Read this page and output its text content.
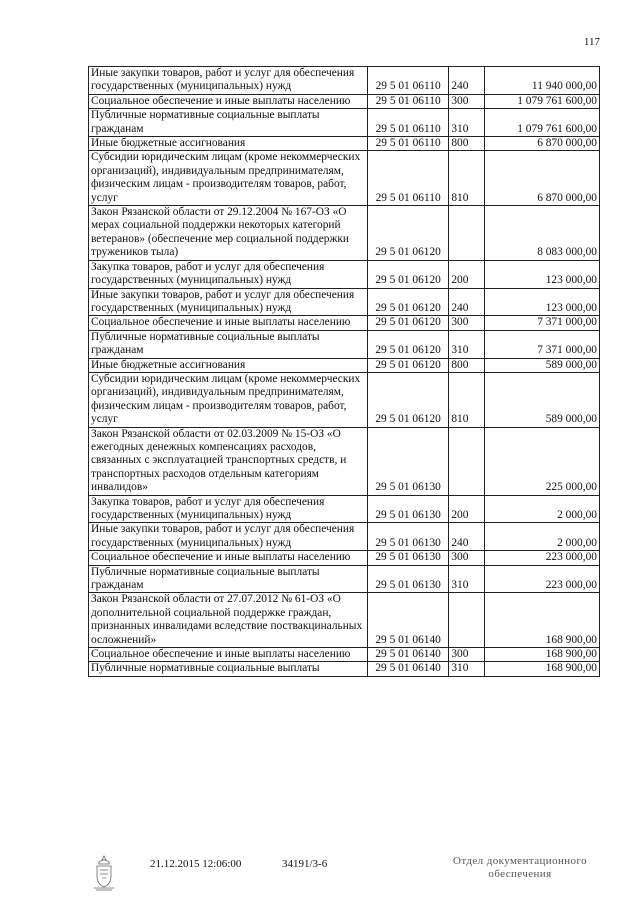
117
Иные закупки товаров, работ и услуг для обеспечения государственных (муниципальных) нужд	29 5 01 06110	240	11 940 000,00
Социальное обеспечение и иные выплаты населению	29 5 01 06110	300	1 079 761 600,00
Публичные нормативные социальные выплаты гражданам	29 5 01 06110	310	1 079 761 600,00
Иные бюджетные ассигнования	29 5 01 06110	800	6 870 000,00
Субсидии юридическим лицам (кроме некоммерческих организаций), индивидуальным предпринимателям, физическим лицам - производителям товаров, работ, услуг	29 5 01 06110	810	6 870 000,00
Закон Рязанской области от 29.12.2004 № 167-ОЗ «О мерах социальной поддержки некоторых категорий ветеранов» (обеспечение мер социальной поддержки тружеников тыла)	29 5 01 06120		8 083 000,00
Закупка товаров, работ и услуг для обеспечения государственных (муниципальных) нужд	29 5 01 06120	200	123 000,00
Иные закупки товаров, работ и услуг для обеспечения государственных (муниципальных) нужд	29 5 01 06120	240	123 000,00
Социальное обеспечение и иные выплаты населению	29 5 01 06120	300	7 371 000,00
Публичные нормативные социальные выплаты гражданам	29 5 01 06120	310	7 371 000,00
Иные бюджетные ассигнования	29 5 01 06120	800	589 000,00
Субсидии юридическим лицам (кроме некоммерческих организаций), индивидуальным предпринимателям, физическим лицам - производителям товаров, работ, услуг	29 5 01 06120	810	589 000,00
Закон Рязанской области от 02.03.2009 № 15-ОЗ «О ежегодных денежных компенсациях расходов, связанных с эксплуатацией транспортных средств, и транспортных расходов отдельным категориям инвалидов»	29 5 01 06130		225 000,00
Закупка товаров, работ и услуг для обеспечения государственных (муниципальных) нужд	29 5 01 06130	200	2 000,00
Иные закупки товаров, работ и услуг для обеспечения государственных (муниципальных) нужд	29 5 01 06130	240	2 000,00
Социальное обеспечение и иные выплаты населению	29 5 01 06130	300	223 000,00
Публичные нормативные социальные выплаты гражданам	29 5 01 06130	310	223 000,00
Закон Рязанской области от 27.07.2012 № 61-ОЗ «О дополнительной социальной поддержке граждан, признанных инвалидами вследствие поствакцинальных осложнений»	29 5 01 06140		168 900,00
Социальное обеспечение и иные выплаты населению	29 5 01 06140	300	168 900,00
Публичные нормативные социальные выплаты	29 5 01 06140	310	168 900,00
21.12.2015 12:06:00	34191/3-6	Отдел документационного
обеспечения
